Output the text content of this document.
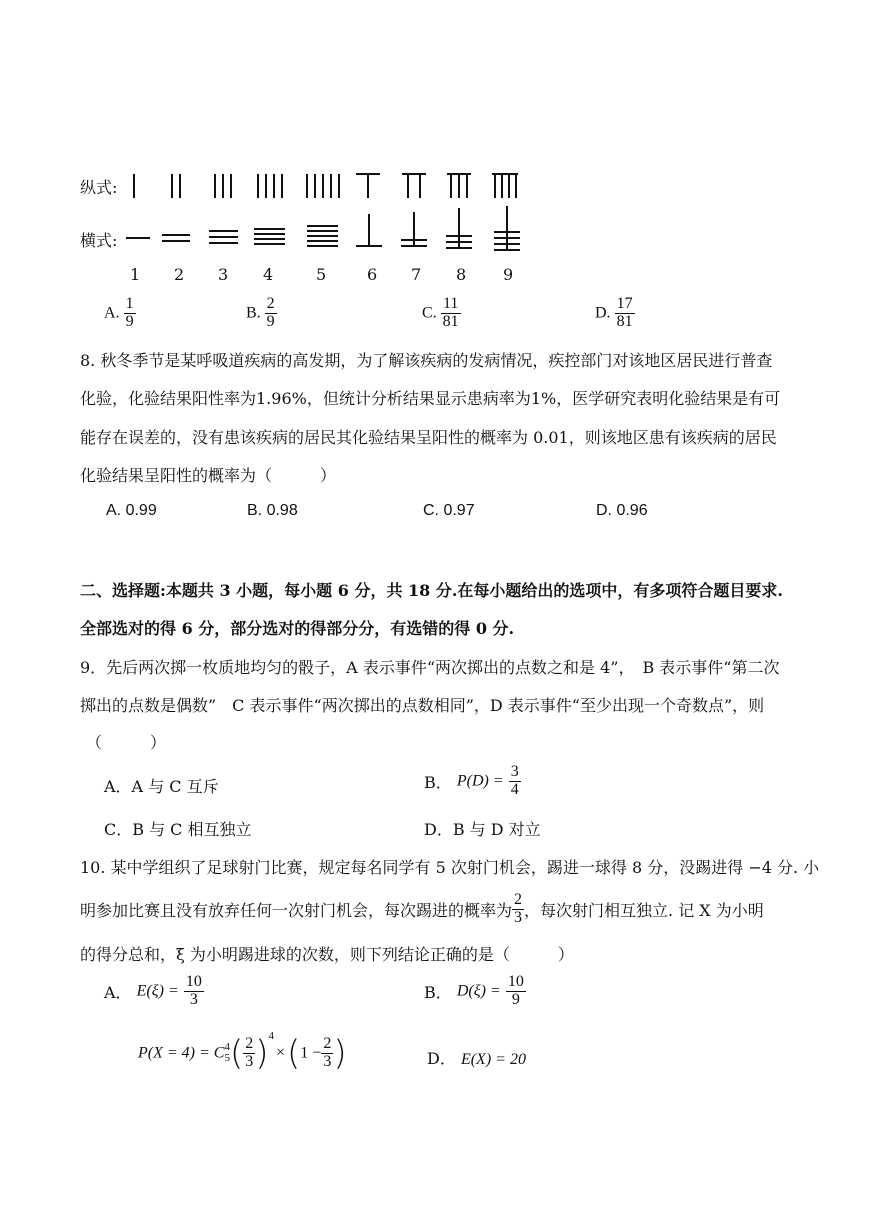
纵式:
横式:
1 2 3 4	5	6 7 8 9
A. $\frac{1}{9}$	B. $\frac{2}{9}$	C. $\frac{11}{81}$	D. $\frac{17}{81}$
8. 秋冬季节是某呼吸道疾病的高发期，为了解该疾病的发病情况，疾控部门对该地区居民进行普查
化验，化验结果阳性率为1.96%，但统计分析结果显示患病率为1%，医学研究表明化验结果是有可
能存在误差的，没有患该疾病的居民其化验结果呈阳性的概率为 0.01，则该地区患有该疾病的居民
化验结果呈阳性的概率为（　　　）
A. 0.99	B. 0.98	C. 0.97	D. 0.96
二、选择题:本题共 3 小题，每小题 6 分，共 18 分.在每小题给出的选项中，有多项符合题目要求.
全部选对的得 6 分，部分选对的得部分分，有选错的得 0 分.
9．先后两次掷一枚质地均匀的骰子，A 表示事件“两次掷出的点数之和是 4”，　B 表示事件“第二次
掷出的点数是偶数”　C 表示事件“两次掷出的点数相同”，D 表示事件“至少出现一个奇数点”，则
（　　　）
A．A 与 C 互斥	B． $P(D) = \frac{3}{4}$
C．B 与 C 相互独立	D．B 与 D 对立
10. 某中学组织了足球射门比赛，规定每名同学有 5 次射门机会，踢进一球得 8 分，没踢进得 −4 分. 小
明参加比赛且没有放弃任何一次射门机会，每次踢进的概率为 $\frac{2}{3}$ ，每次射门相互独立. 记 X 为小明
的得分总和，ξ 为小明踢进球的次数，则下列结论正确的是（　　　）
A． $E(\xi) = \frac{10}{3}$	B． $D(\xi) = \frac{10}{9}$
P(X = 4) = C 4
5 ( $\frac{2}{3} )^4\times(1 - \frac{2}{3}$ )	D． E(X) = 20
